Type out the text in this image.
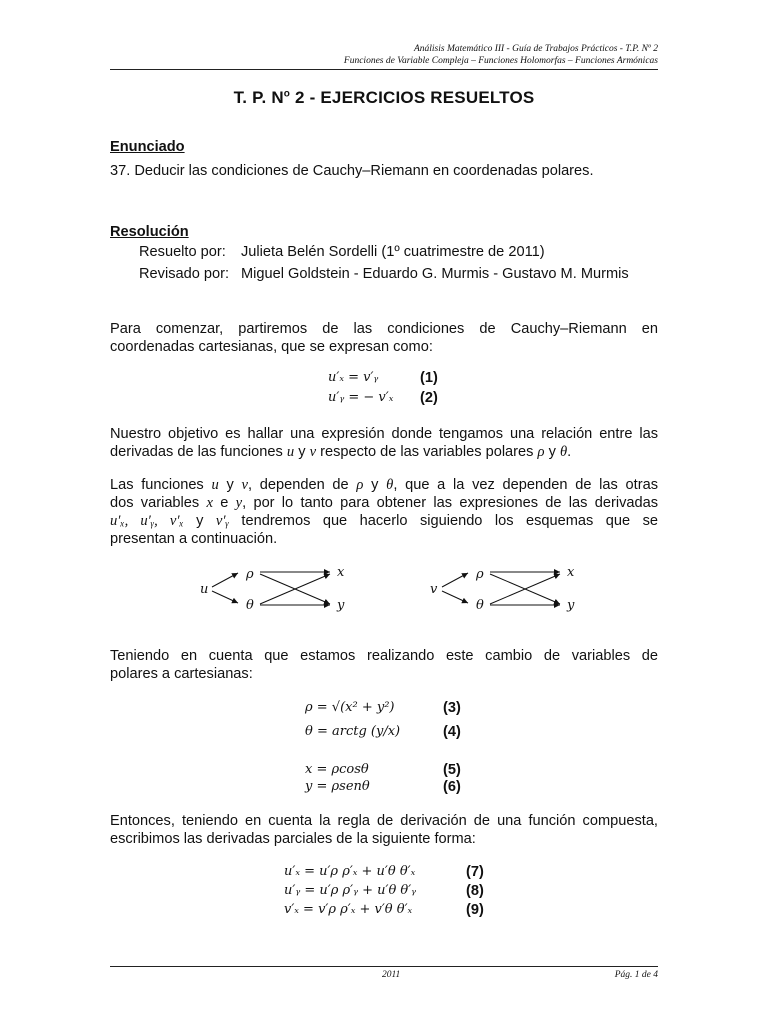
Análisis Matemático III - Guía de Trabajos Prácticos - T.P. Nº 2
Funciones de Variable Compleja – Funciones Holomorfas – Funciones Armónicas
T. P. $N^o$ 2 - EJERCICIOS RESUELTOS
Enunciado
37. Deducir las condiciones de Cauchy–Riemann en coordenadas polares.
Resolución
Resuelto por: Julieta Belén Sordelli (1º cuatrimestre de 2011)
Revisado por: Miguel Goldstein - Eduardo G. Murmis - Gustavo M. Murmis
Para comenzar, partiremos de las condiciones de Cauchy–Riemann en
coordenadas cartesianas, que se expresan como:
u′ₓ = v′ᵧ	(1)
u′ᵧ = − v′ₓ (2)
Nuestro objetivo es hallar una expresión donde tengamos una relación entre las
derivadas de las funciones u y v respecto de las variables polares ρ y θ.
Las funciones u y v, dependen de ρ y θ, que a la vez dependen de las otras
dos variables x e y, por lo tanto para obtener las expresiones de las derivadas
u′ₓ, u′ᵧ, v′ₓ y v′ᵧ tendremos que hacerlo siguiendo los esquemas que se
presentan a continuación.
u
ρ
θ
x
y
v
ρ
θ
x
y
Teniendo en cuenta que estamos realizando este cambio de variables de
polares a cartesianas:
ρ = √(x² + y²)	(3)
θ = arctg (y/x)	(4)
x = ρcosθ	(5)
y = ρsenθ	(6)
Entonces, teniendo en cuenta la regla de derivación de una función compuesta,
escribimos las derivadas parciales de la siguiente forma:
u′ₓ = u′ρ ρ′ₓ + u′θ θ′ₓ	(7)
u′ᵧ = u′ρ ρ′ᵧ + u′θ θ′ᵧ	(8)
v′ₓ = v′ρ ρ′ₓ + v′θ θ′ₓ	(9)
2011	Pág. 1 de 4
